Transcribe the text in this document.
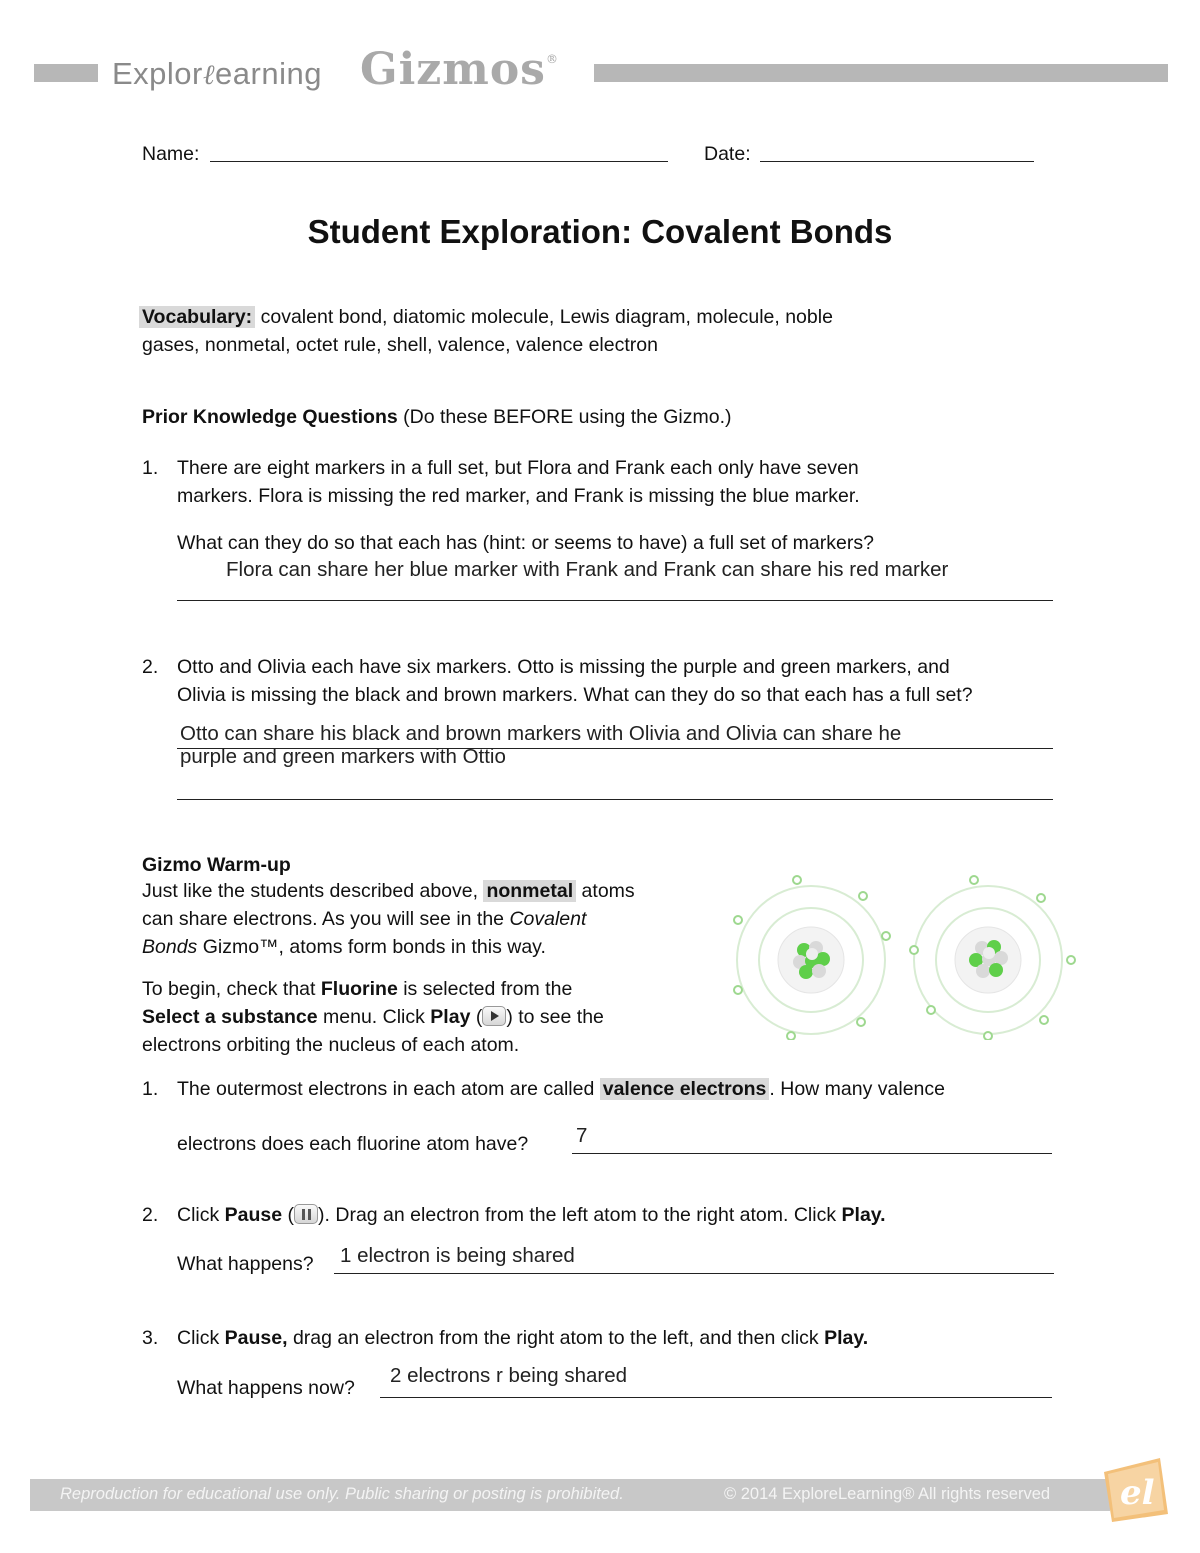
Explorℓearning Gizmos®
Name:	Date:
Student Exploration: Covalent Bonds
Vocabulary: covalent bond, diatomic molecule, Lewis diagram, molecule, noble
gases, nonmetal, octet rule, shell, valence, valence electron
Prior Knowledge Questions (Do these BEFORE using the Gizmo.)
1. There are eight markers in a full set, but Flora and Frank each only have seven
markers. Flora is missing the red marker, and Frank is missing the blue marker.
What can they do so that each has (hint: or seems to have) a full set of markers?
Flora can share her blue marker with Frank and Frank can share his red marker
2. Otto and Olivia each have six markers. Otto is missing the purple and green markers, and
Olivia is missing the black and brown markers. What can they do so that each has a full set?
Otto can share his black and brown markers with Olivia and Olivia can share he
purple and green markers with Ottio
Gizmo Warm-up
Just like the students described above, nonmetal atoms
can share electrons. As you will see in the Covalent
Bonds Gizmo™, atoms form bonds in this way.
To begin, check that Fluorine is selected from the
Select a substance menu. Click Play ( ) to see the
electrons orbiting the nucleus of each atom.
1. The outermost electrons in each atom are called valence electrons . How many valence
electrons does each fluorine atom have? 7
2. Click Pause ( ). Drag an electron from the left atom to the right atom. Click Play.
What happens? 1 electron is being shared
3. Click Pause, drag an electron from the right atom to the left, and then click Play.
What happens now?
2 electrons r being shared
Reproduction for educational use only. Public sharing or posting is prohibited.	© 2014 ExploreLearning® All rights reserved el
